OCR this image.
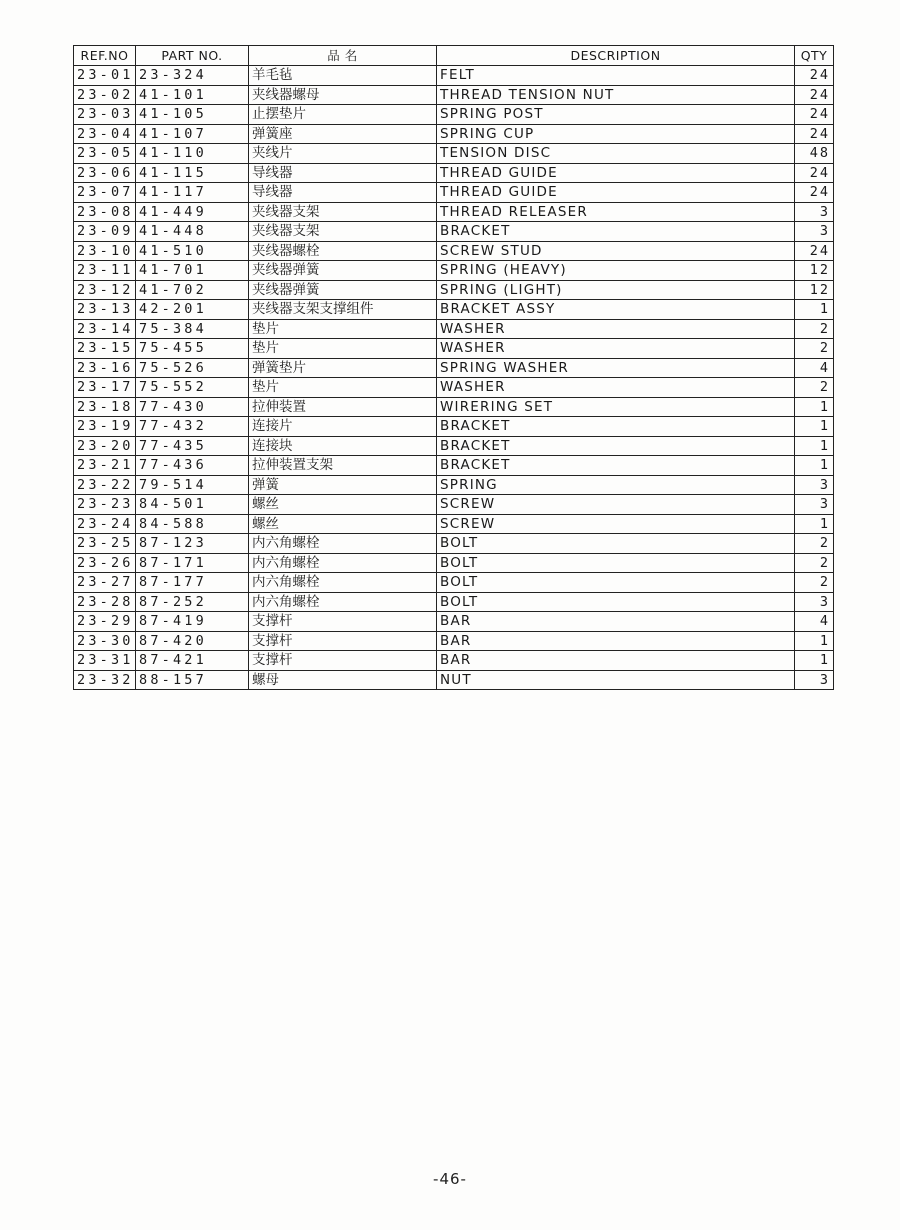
REF.NO	PART NO.	品 名	DESCRIPTION	QTY
23-01	23-324	羊毛毡	FELT	24
23-02	41-101	夹线器螺母	THREAD TENSION NUT	24
23-03	41-105	止摆垫片	SPRING POST	24
23-04	41-107	弹簧座	SPRING CUP	24
23-05	41-110	夹线片	TENSION DISC	48
23-06	41-115	导线器	THREAD GUIDE	24
23-07	41-117	导线器	THREAD GUIDE	24
23-08	41-449	夹线器支架	THREAD RELEASER	3
23-09	41-448	夹线器支架	BRACKET	3
23-10	41-510	夹线器螺栓	SCREW STUD	24
23-11	41-701	夹线器弹簧	SPRING (HEAVY)	12
23-12	41-702	夹线器弹簧	SPRING (LIGHT)	12
23-13	42-201	夹线器支架支撑组件	BRACKET ASSY	1
23-14	75-384	垫片	WASHER	2
23-15	75-455	垫片	WASHER	2
23-16	75-526	弹簧垫片	SPRING WASHER	4
23-17	75-552	垫片	WASHER	2
23-18	77-430	拉伸装置	WIRERING SET	1
23-19	77-432	连接片	BRACKET	1
23-20	77-435	连接块	BRACKET	1
23-21	77-436	拉伸装置支架	BRACKET	1
23-22	79-514	弹簧	SPRING	3
23-23	84-501	螺丝	SCREW	3
23-24	84-588	螺丝	SCREW	1
23-25	87-123	内六角螺栓	BOLT	2
23-26	87-171	内六角螺栓	BOLT	2
23-27	87-177	内六角螺栓	BOLT	2
23-28	87-252	内六角螺栓	BOLT	3
23-29	87-419	支撑杆	BAR	4
23-30	87-420	支撑杆	BAR	1
23-31	87-421	支撑杆	BAR	1
23-32	88-157	螺母	NUT	3
-46-
